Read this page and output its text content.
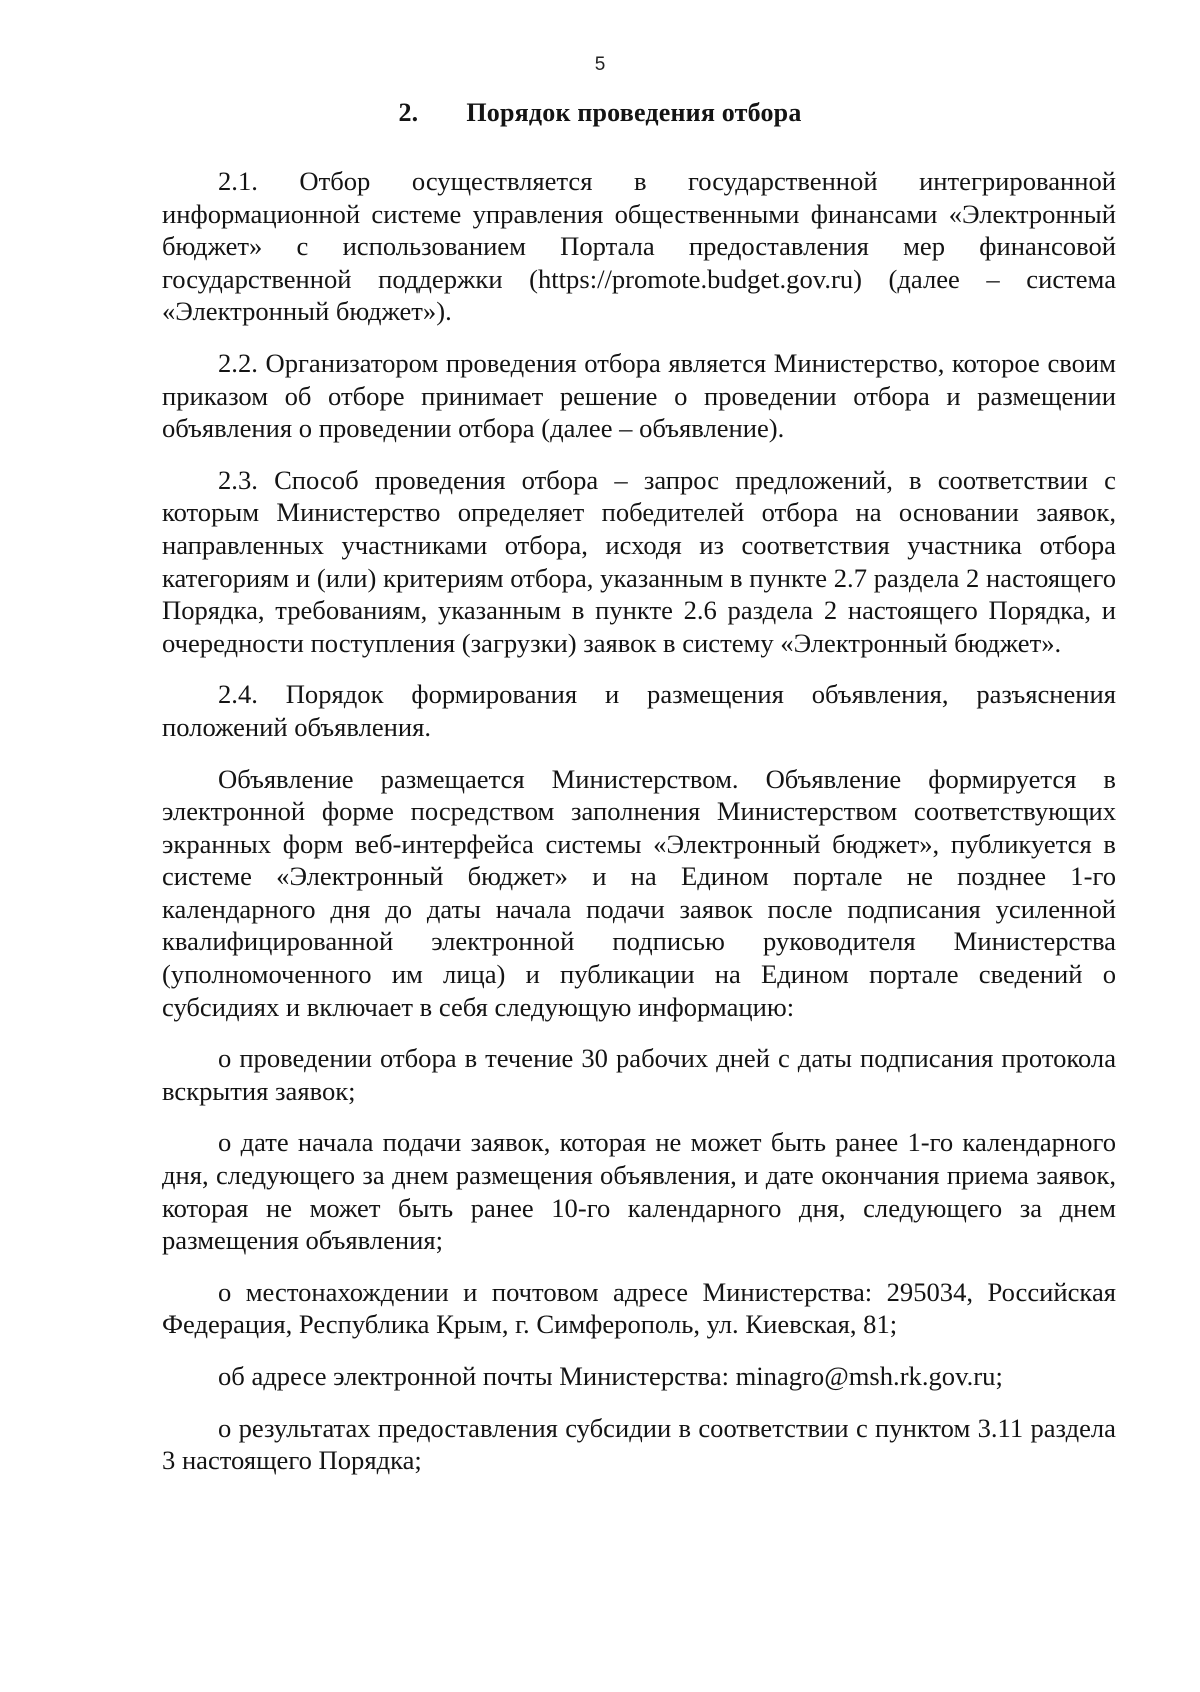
5
2. Порядок проведения отбора

2.1. Отбор осуществляется в государственной интегрированной информационной системе управления общественными финансами «Электронный бюджет» с использованием Портала предоставления мер финансовой государственной поддержки (https://promote.budget.gov.ru) (далее – система «Электронный бюджет»).

2.2. Организатором проведения отбора является Министерство, которое своим приказом об отборе принимает решение о проведении отбора и размещении объявления о проведении отбора (далее – объявление).

2.3. Способ проведения отбора – запрос предложений, в соответствии с которым Министерство определяет победителей отбора на основании заявок, направленных участниками отбора, исходя из соответствия участника отбора категориям и (или) критериям отбора, указанным в пункте 2.7 раздела 2 настоящего Порядка, требованиям, указанным в пункте 2.6 раздела 2 настоящего Порядка, и очередности поступления (загрузки) заявок в систему «Электронный бюджет».

2.4. Порядок формирования и размещения объявления, разъяснения положений объявления.

Объявление размещается Министерством. Объявление формируется в электронной форме посредством заполнения Министерством соответствующих экранных форм веб-интерфейса системы «Электронный бюджет», публикуется в системе «Электронный бюджет» и на Едином портале не позднее 1-го календарного дня до даты начала подачи заявок после подписания усиленной квалифицированной электронной подписью руководителя Министерства (уполномоченного им лица) и публикации на Едином портале сведений о субсидиях и включает в себя следующую информацию:

о проведении отбора в течение 30 рабочих дней с даты подписания протокола вскрытия заявок;

о дате начала подачи заявок, которая не может быть ранее 1-го календарного дня, следующего за днем размещения объявления, и дате окончания приема заявок, которая не может быть ранее 10-го календарного дня, следующего за днем размещения объявления;

о местонахождении и почтовом адресе Министерства: 295034, Российская Федерация, Республика Крым, г. Симферополь, ул. Киевская, 81;

об адресе электронной почты Министерства: minagro@msh.rk.gov.ru;

о результатах предоставления субсидии в соответствии с пунктом 3.11 раздела 3 настоящего Порядка;
